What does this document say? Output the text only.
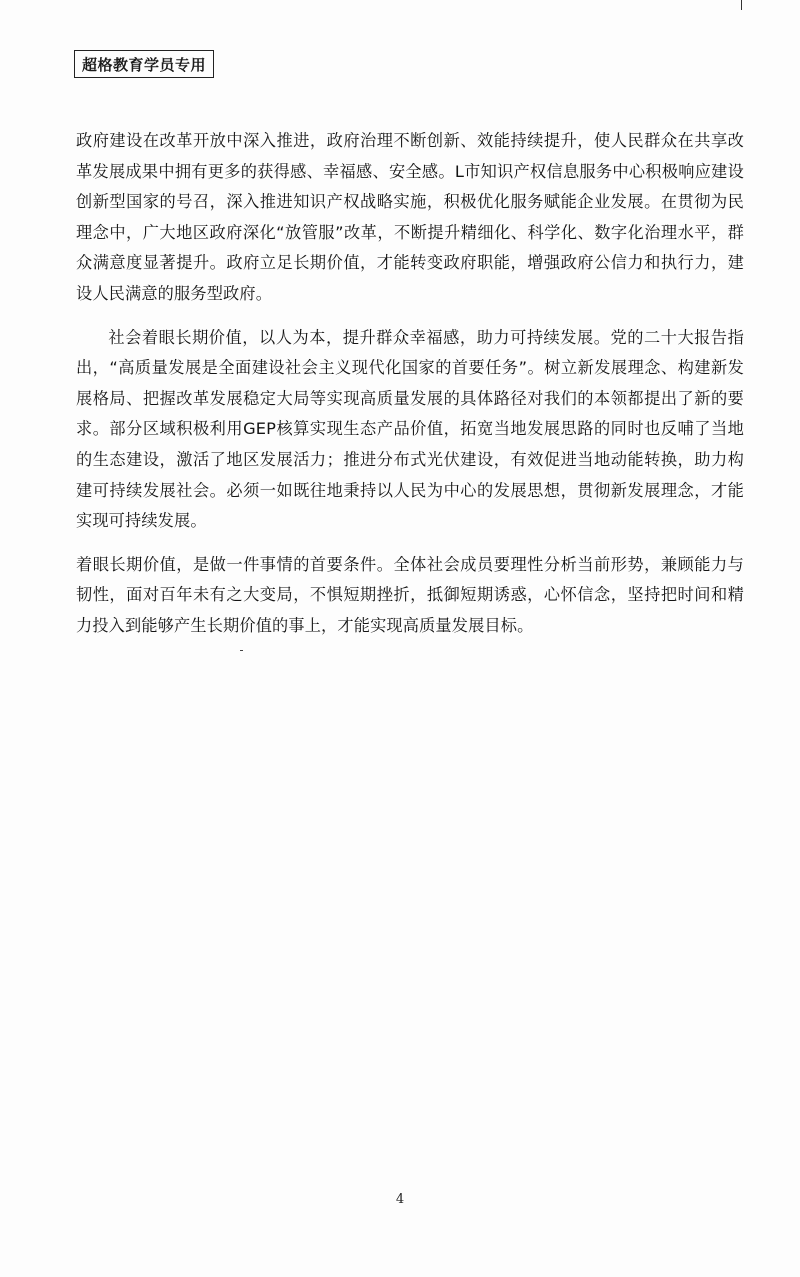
超格教育学员专用

政府建设在改革开放中深入推进，政府治理不断创新、效能持续提升，使人民群众在共享改革发展成果中拥有更多的获得感、幸福感、安全感。L市知识产权信息服务中心积极响应建设创新型国家的号召，深入推进知识产权战略实施，积极优化服务赋能企业发展。在贯彻为民理念中，广大地区政府深化“放管服”改革，不断提升精细化、科学化、数字化治理水平，群众满意度显著提升。政府立足长期价值，才能转变政府职能，增强政府公信力和执行力，建设人民满意的服务型政府。

社会着眼长期价值，以人为本，提升群众幸福感，助力可持续发展。党的二十大报告指出，“高质量发展是全面建设社会主义现代化国家的首要任务”。树立新发展理念、构建新发展格局、把握改革发展稳定大局等实现高质量发展的具体路径对我们的本领都提出了新的要求。部分区域积极利用GEP核算实现生态产品价值，拓宽当地发展思路的同时也反哺了当地的生态建设，激活了地区发展活力；推进分布式光伏建设，有效促进当地动能转换，助力构建可持续发展社会。必须一如既往地秉持以人民为中心的发展思想，贯彻新发展理念，才能实现可持续发展。

着眼长期价值，是做一件事情的首要条件。全体社会成员要理性分析当前形势，兼顾能力与韧性，面对百年未有之大变局，不惧短期挫折，抵御短期诱惑，心怀信念，坚持把时间和精力投入到能够产生长期价值的事上，才能实现高质量发展目标。

4
